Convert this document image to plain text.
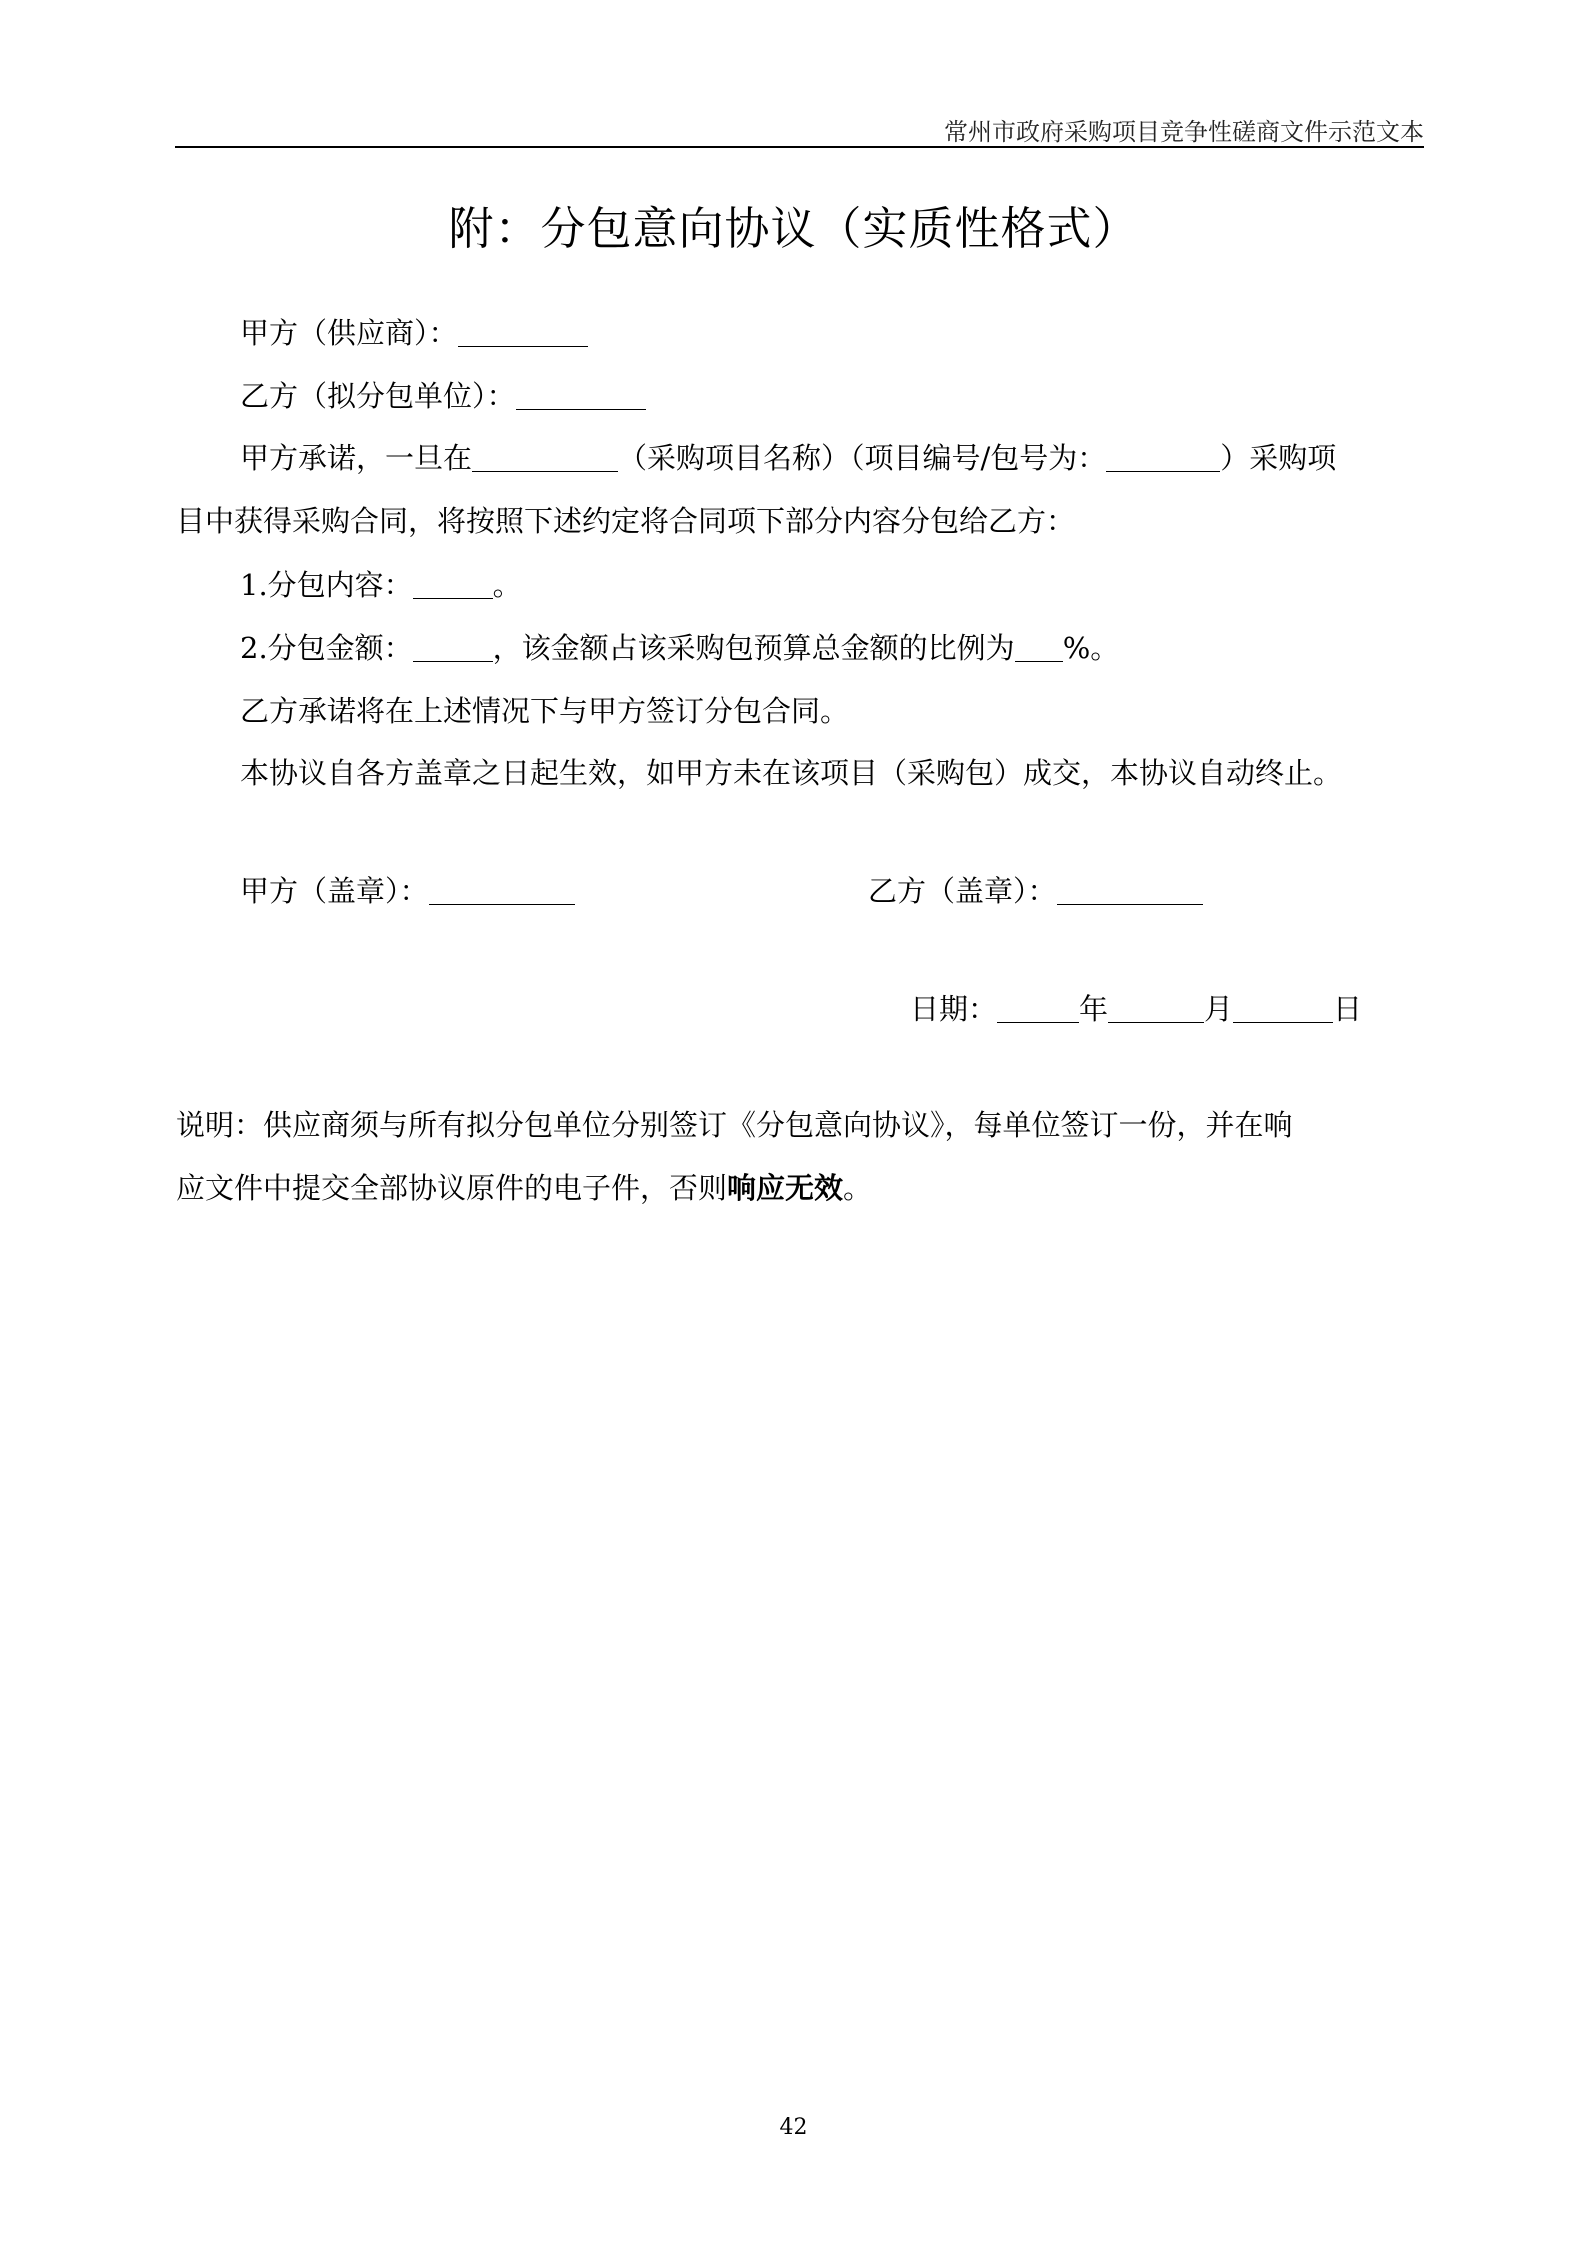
常州市政府采购项目竞争性磋商文件示范文本
附：分包意向协议（实质性格式）
甲方（供应商）：
乙方（拟分包单位）：
甲方承诺，一旦在	（采购项目名称）（项目编号/包号为：	）采购项
目中获得采购合同，将按照下述约定将合同项下部分内容分包给乙方：
1.分包内容：	。
2.分包金额：	，该金额占该采购包预算总金额的比例为 %。
乙方承诺将在上述情况下与甲方签订分包合同。
本协议自各方盖章之日起生效，如甲方未在该项目（采购包）成交，本协议自动终止。
甲方（盖章）：	乙方（盖章）：
日期：	年	月	日
说明：供应商须与所有拟分包单位分别签订《分包意向协议》，每单位签订一份，并在响
应文件中提交全部协议原件的电子件，否则响应无效。
42
